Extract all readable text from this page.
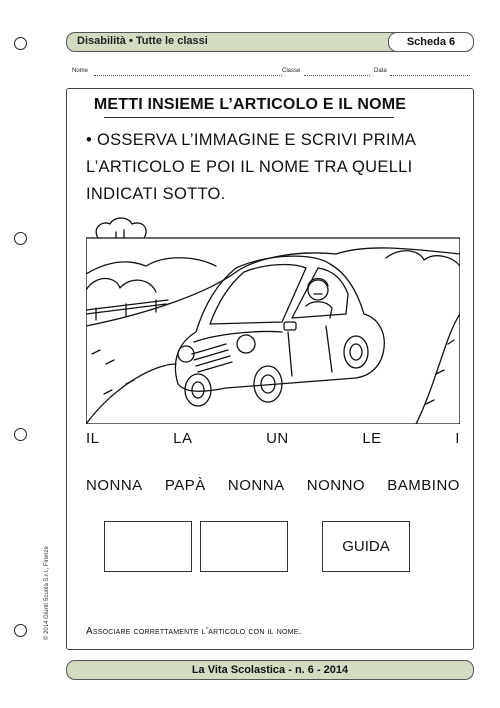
Disabilità • Tutte le classi	Scheda 6
Nome	Classe	Data
METTI INSIEME L’ARTICOLO E IL NOME
• OSSERVA L’IMMAGINE E SCRIVI PRIMA
L’ARTICOLO E POI IL NOME TRA QUELLI
INDICATI SOTTO.
IL	LA	UN	LE	I
NONNA PAPÀ NONNA NONNO BAMBINO
GUIDA
Associare correttamente l’articolo con il nome.
© 2014 Giunti Scuola S.r.l., Firenze
La Vita Scolastica - n. 6 - 2014
